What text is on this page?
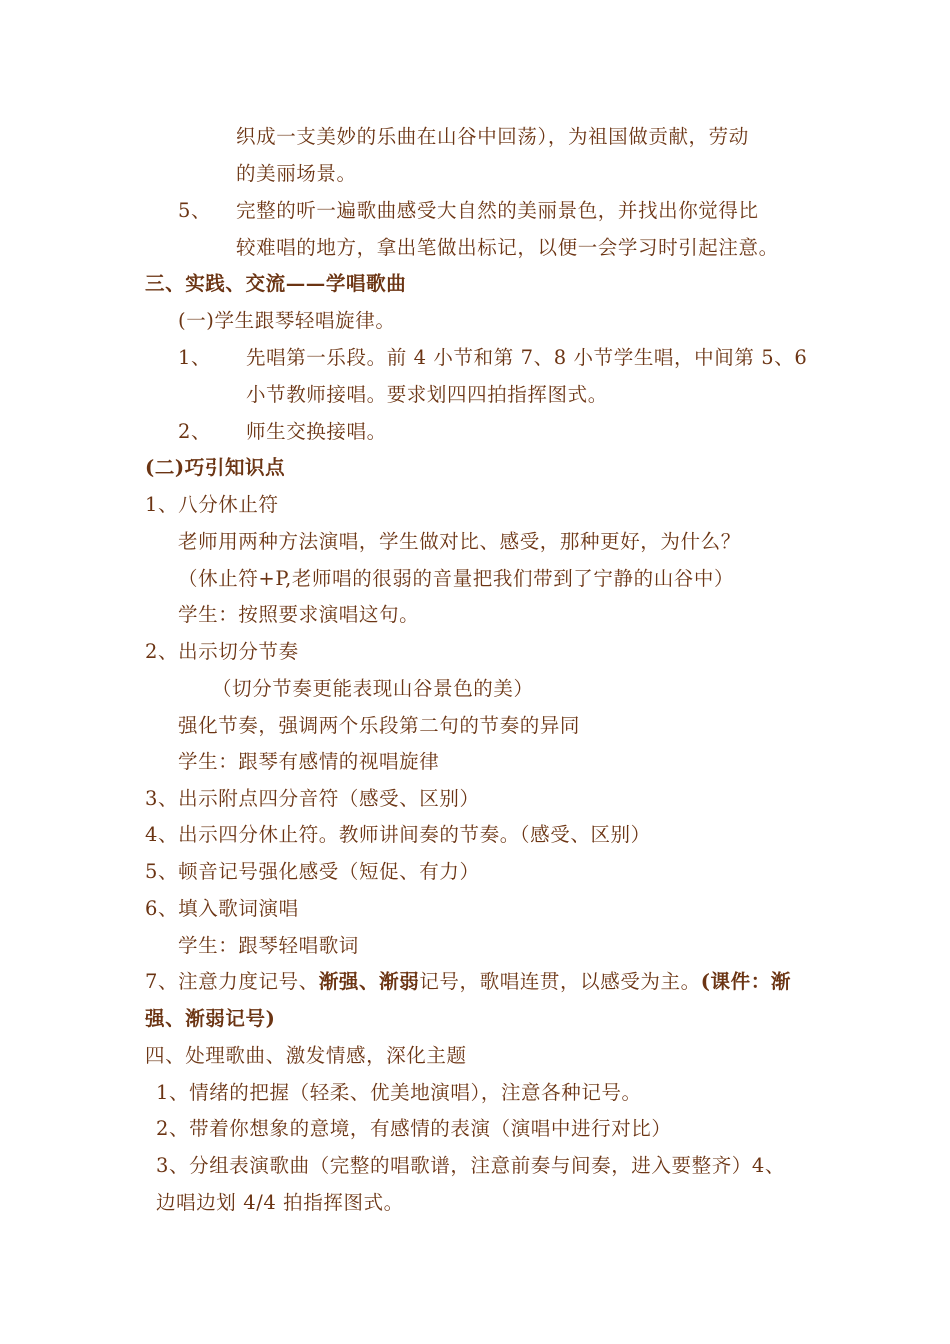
织成一支美妙的乐曲在山谷中回荡），为祖国做贡献，劳动
的美丽场景。
5、 完整的听一遍歌曲感受大自然的美丽景色，并找出你觉得比
较难唱的地方，拿出笔做出标记，以便一会学习时引起注意。
三、实践、交流——学唱歌曲
(一)学生跟琴轻唱旋律。
1、 先唱第一乐段。前 4 小节和第 7、8 小节学生唱，中间第 5、6
小节教师接唱。要求划四四拍指挥图式。
2、 师生交换接唱。
(二)巧引知识点
1、八分休止符
老师用两种方法演唱，学生做对比、感受，那种更好，为什么？
（休止符+P,老师唱的很弱的音量把我们带到了宁静的山谷中）
学生：按照要求演唱这句。
2、出示切分节奏
（切分节奏更能表现山谷景色的美）
强化节奏，强调两个乐段第二句的节奏的异同
学生：跟琴有感情的视唱旋律
3、出示附点四分音符（感受、区别）
4、出示四分休止符。教师讲间奏的节奏。（感受、区别）
5、顿音记号强化感受（短促、有力）
6、填入歌词演唱
学生：跟琴轻唱歌词
7、注意力度记号、渐强、渐弱记号，歌唱连贯，以感受为主。(课件：渐
强、渐弱记号)
四、处理歌曲、激发情感，深化主题
1、情绪的把握（轻柔、优美地演唱），注意各种记号。
2、带着你想象的意境，有感情的表演（演唱中进行对比）
3、分组表演歌曲（完整的唱歌谱，注意前奏与间奏，进入要整齐）4、
边唱边划 4/4 拍指挥图式。
